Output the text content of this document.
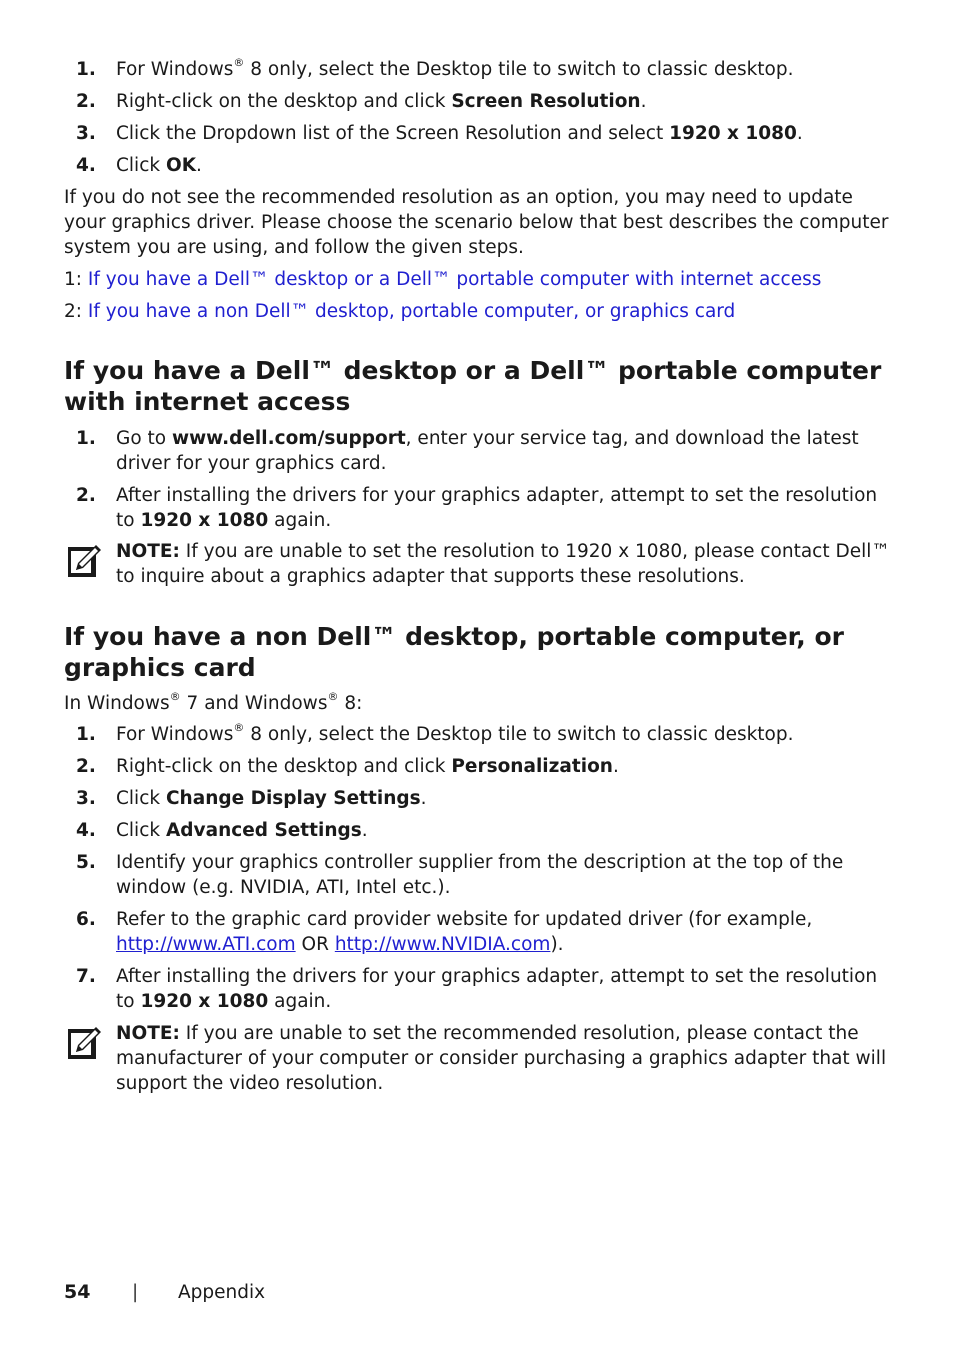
1. For Windows® 8 only, select the Desktop tile to switch to classic desktop.

2. Right-click on the desktop and click Screen Resolution.

3. Click the Dropdown list of the Screen Resolution and select 1920 x 1080.

4. Click OK.

If you do not see the recommended resolution as an option, you may need to update your graphics driver. Please choose the scenario below that best describes the computer system you are using, and follow the given steps.

1: If you have a Dell™ desktop or a Dell™ portable computer with internet access

2: If you have a non Dell™ desktop, portable computer, or graphics card

If you have a Dell™ desktop or a Dell™ portable computer with internet access

1. Go to www.dell.com/support, enter your service tag, and download the latest driver for your graphics card.

2. After installing the drivers for your graphics adapter, attempt to set the resolution to 1920 x 1080 again.

NOTE: If you are unable to set the resolution to 1920 x 1080, please contact Dell™ to inquire about a graphics adapter that supports these resolutions.
If you have a non Dell™ desktop, portable computer, or graphics card

In Windows® 7 and Windows® 8:

1. For Windows® 8 only, select the Desktop tile to switch to classic desktop.

2. Right-click on the desktop and click Personalization.

3. Click Change Display Settings.

4. Click Advanced Settings.

5. Identify your graphics controller supplier from the description at the top of the window (e.g. NVIDIA, ATI, Intel etc.).

6. Refer to the graphic card provider website for updated driver (for example, http://www.ATI.com OR http://www.NVIDIA.com).

7. After installing the drivers for your graphics adapter, attempt to set the resolution to 1920 x 1080 again.

NOTE: If you are unable to set the recommended resolution, please contact the manufacturer of your computer or consider purchasing a graphics adapter that will support the video resolution.
54 | Appendix
